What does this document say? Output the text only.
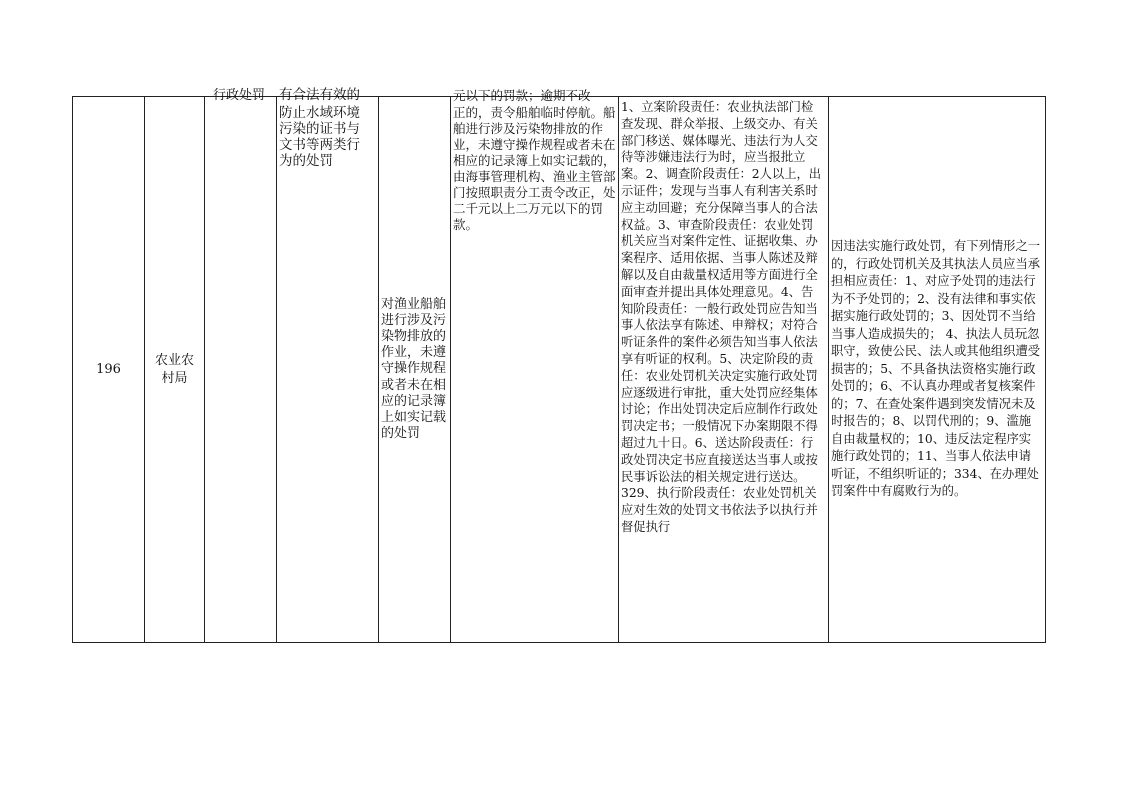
196
农业农村局
行政处罚 有合法有效的
防止水域环境污染的证书与文书等两类行为的处罚
对渔业船舶进行涉及污染物排放的作业，未遵守操作规程或者未在相应的记录簿上如实记载的处罚
元以下的罚款；逾期不改
正的，责令船舶临时停航。船舶进行涉及污染物排放的作业，未遵守操作规程或者未在相应的记录簿上如实记载的，由海事管理机构、渔业主管部门按照职责分工责令改正，处二千元以上二万元以下的罚款。
1、立案阶段责任：农业执法部门检查发现、群众举报、上级交办、有关部门移送、媒体曝光、违法行为人交待等涉嫌违法行为时，应当报批立案。2、调查阶段责任：2人以上，出示证件；发现与当事人有利害关系时应主动回避；充分保障当事人的合法权益。3、审查阶段责任：农业处罚机关应当对案件定性、证据收集、办案程序、适用依据、当事人陈述及辩解以及自由裁量权适用等方面进行全面审查并提出具体处理意见。4、告知阶段责任：一般行政处罚应告知当事人依法享有陈述、申辩权；对符合听证条件的案件必须告知当事人依法享有听证的权利。5、决定阶段的责任：农业处罚机关决定实施行政处罚应逐级进行审批，重大处罚应经集体讨论；作出处罚决定后应制作行政处罚决定书；一般情况下办案期限不得超过九十日。6、送达阶段责任：行政处罚决定书应直接送达当事人或按民事诉讼法的相关规定进行送达。 329、执行阶段责任：农业处罚机关应对生效的处罚文书依法予以执行并督促执行
因违法实施行政处罚，有下列情形之一的，行政处罚机关及其执法人员应当承担相应责任：1、对应予处罚的违法行为不予处罚的；2、没有法律和事实依据实施行政处罚的；3、因处罚不当给当事人造成损失的； 4、执法人员玩忽职守，致使公民、法人或其他组织遭受损害的；5、不具备执法资格实施行政处罚的；6、不认真办理或者复核案件的；7、在查处案件遇到突发情况未及时报告的；8、以罚代刑的；9、滥施自由裁量权的；10、违反法定程序实施行政处罚的；11、当事人依法申请听证，不组织听证的；334、在办理处罚案件中有腐败行为的。
